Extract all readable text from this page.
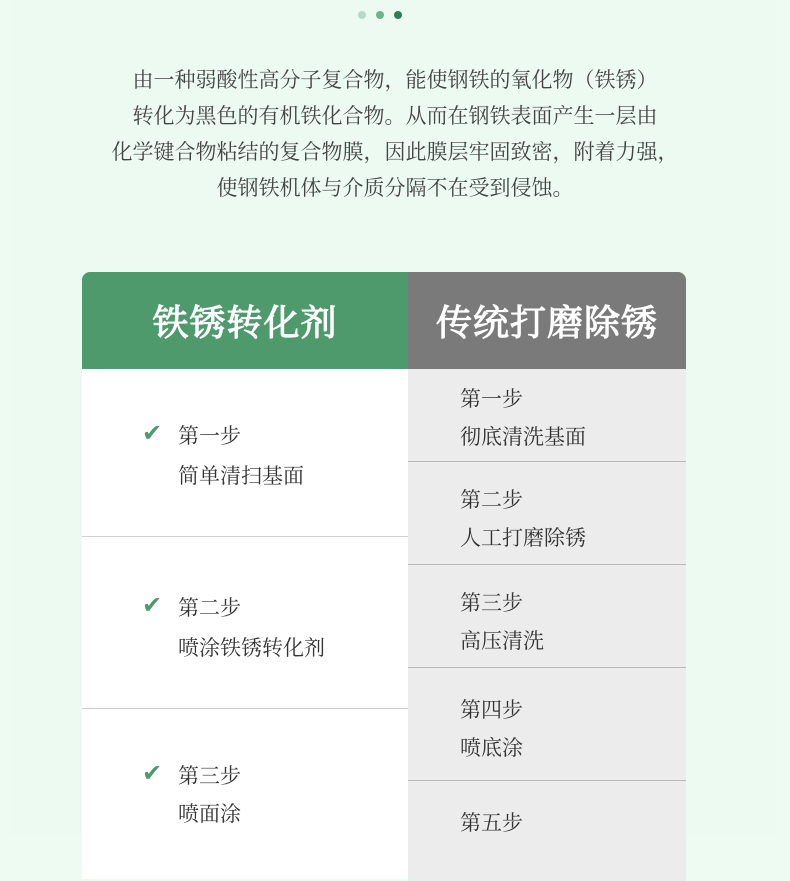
由一种弱酸性高分子复合物，能使钢铁的氧化物（铁锈）
转化为黑色的有机铁化合物。从而在钢铁表面产生一层由
化学键合物粘结的复合物膜，因此膜层牢固致密，附着力强，
使钢铁机体与介质分隔不在受到侵蚀。
铁锈转化剂
✔ 第一步
简单清扫基面
✔ 第二步
喷涂铁锈转化剂
✔ 第三步
喷面涂
传统打磨除锈
第一步
彻底清洗基面
第二步
人工打磨除锈
第三步
高压清洗
第四步
喷底涂
第五步
